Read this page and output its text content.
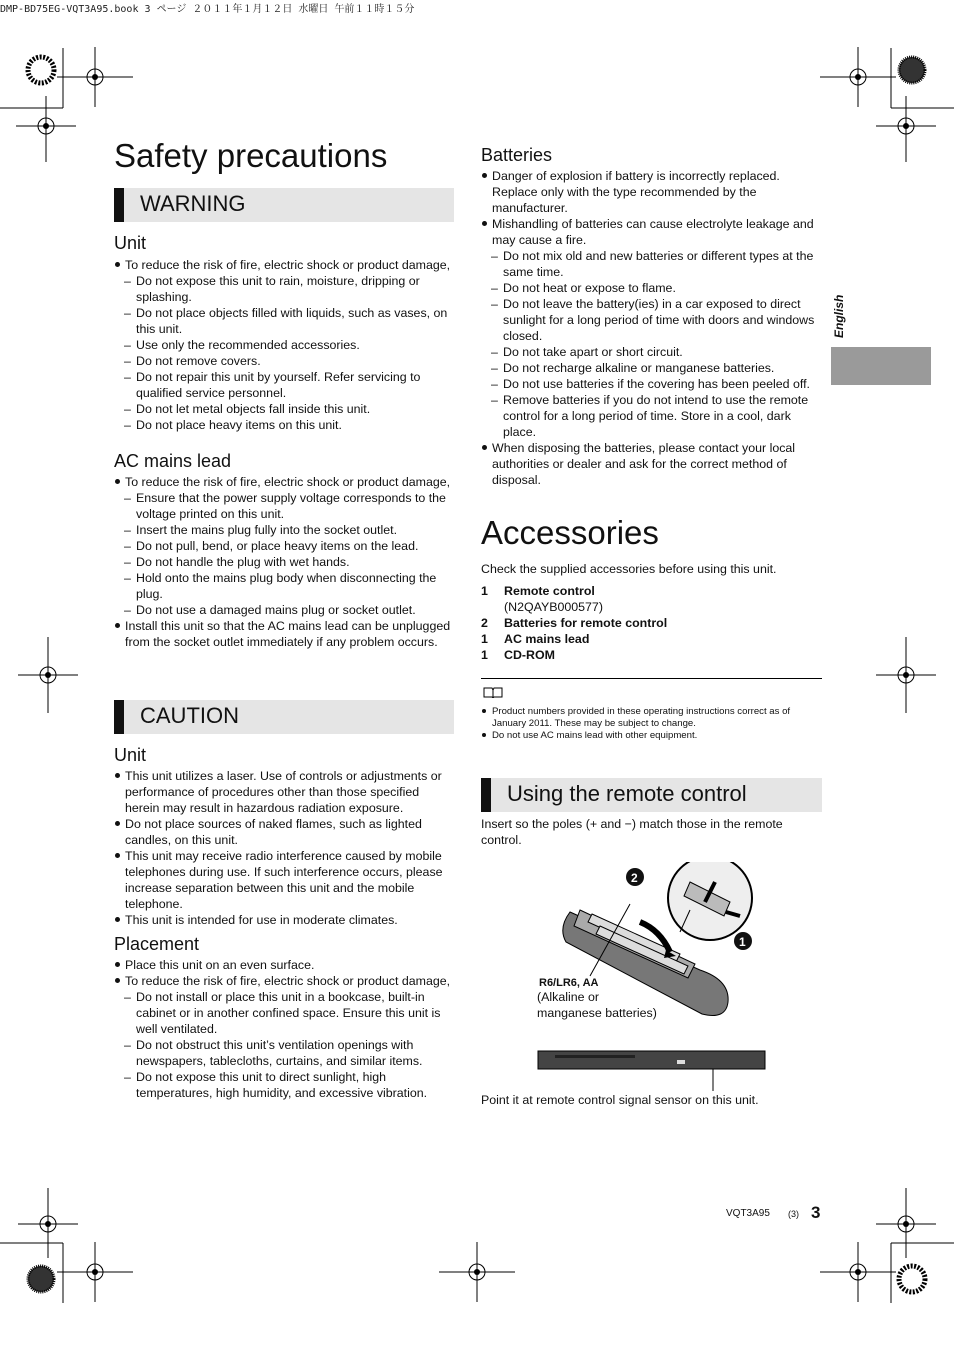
DMP-BD75EG-VQT3A95.book 3 ページ ２０１１年１月１２日 水曜日 午前１１時１５分
English
Safety precautions
WARNING
Unit

To reduce the risk of fire, electric shock or product damage,

– Do not expose this unit to rain, moisture, dripping or splashing.

– Do not place objects filled with liquids, such as vases, on this unit.

– Use only the recommended accessories.

– Do not remove covers.

– Do not repair this unit by yourself. Refer servicing to qualified service personnel.

– Do not let metal objects fall inside this unit.

– Do not place heavy items on this unit.

AC mains lead

To reduce the risk of fire, electric shock or product damage,

– Ensure that the power supply voltage corresponds to the voltage printed on this unit.

– Insert the mains plug fully into the socket outlet.

– Do not pull, bend, or place heavy items on the lead.

– Do not handle the plug with wet hands.

– Hold onto the mains plug body when disconnecting the plug.

– Do not use a damaged mains plug or socket outlet.

Install this unit so that the AC mains lead can be unplugged from the socket outlet immediately if any problem occurs.

CAUTION
Unit

This unit utilizes a laser. Use of controls or adjustments or performance of procedures other than those specified herein may result in hazardous radiation exposure.

Do not place sources of naked flames, such as lighted candles, on this unit.

This unit may receive radio interference caused by mobile telephones during use. If such interference occurs, please increase separation between this unit and the mobile telephone.

This unit is intended for use in moderate climates.

Placement

Place this unit on an even surface.

To reduce the risk of fire, electric shock or product damage,

– Do not install or place this unit in a bookcase, built-in cabinet or in another confined space. Ensure this unit is well ventilated.

– Do not obstruct this unit’s ventilation openings with newspapers, tablecloths, curtains, and similar items.

– Do not expose this unit to direct sunlight, high temperatures, high humidity, and excessive vibration.

Batteries

Danger of explosion if battery is incorrectly replaced. Replace only with the type recommended by the manufacturer.

Mishandling of batteries can cause electrolyte leakage and may cause a fire.

– Do not mix old and new batteries or different types at the same time.

– Do not heat or expose to flame.

– Do not leave the battery(ies) in a car exposed to direct sunlight for a long period of time with doors and windows closed.

– Do not take apart or short circuit.

– Do not recharge alkaline or manganese batteries.

– Do not use batteries if the covering has been peeled off.

– Remove batteries if you do not intend to use the remote control for a long period of time. Store in a cool, dark place.

When disposing the batteries, please contact your local authorities or dealer and ask for the correct method of disposal.

Accessories
Check the supplied accessories before using this unit.
1	Remote control
(N2QAYB000577)
2	Batteries for remote control
1	AC mains lead
1	CD-ROM

Product numbers provided in these operating instructions correct as of January 2011. These may be subject to change.

Do not use AC mains lead with other equipment.

Using the remote control
Insert so the poles (+ and −) match those in the remote control.
2
1
R6/LR6, AA
(Alkaline or
manganese batteries)
Point it at remote control signal sensor on this unit.
VQT3A95 (3) 3
